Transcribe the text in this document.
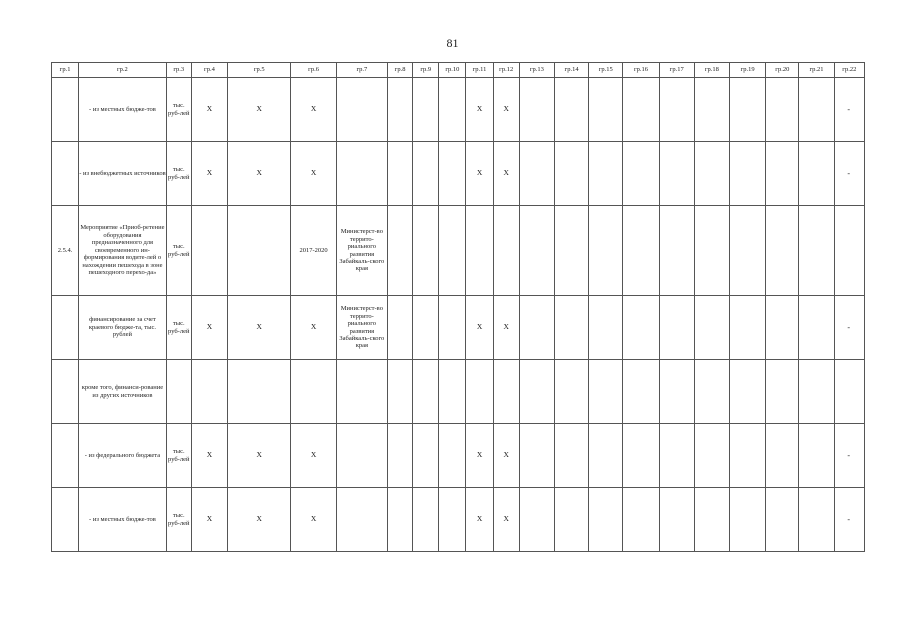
81
гр.1	гр.2	гр.3	гр.4	гр.5	гр.6	гр.7	гр.8	гр.9	гр.10	гр.11	гр.12	гр.13	гр.14	гр.15	гр.16	гр.17	гр.18	гр.19	гр.20	гр.21	гр.22
	- из местных бюдже-тов	тыс. руб-лей	Х	Х	Х					Х	Х										-

	- из внебюджетных источников	тыс. руб-лей	Х	Х	Х					Х	Х										-

2.5.4.	Мероприятие «Приоб-ретение оборудования предназначенного для своевременного ин-формирования водите-лей о нахождении пешехода в зоне пешеходного перехо-да»	тыс. руб-лей			2017-2020	Министерст-во террито-риального развития Забайкаль-ского края															

	финансирование за счет краевого бюдже-та, тыс. рублей	тыс. руб-лей	Х	Х	Х	Министерст-во террито-риального развития Забайкаль-ского края				Х	Х										-

	кроме того, финанси-рование из других источников																				

	- из федерального бюджета	тыс. руб-лей	Х	Х	Х					Х	Х										-

	- из местных бюдже-тов	тыс. руб-лей	Х	Х	Х					Х	Х										-
